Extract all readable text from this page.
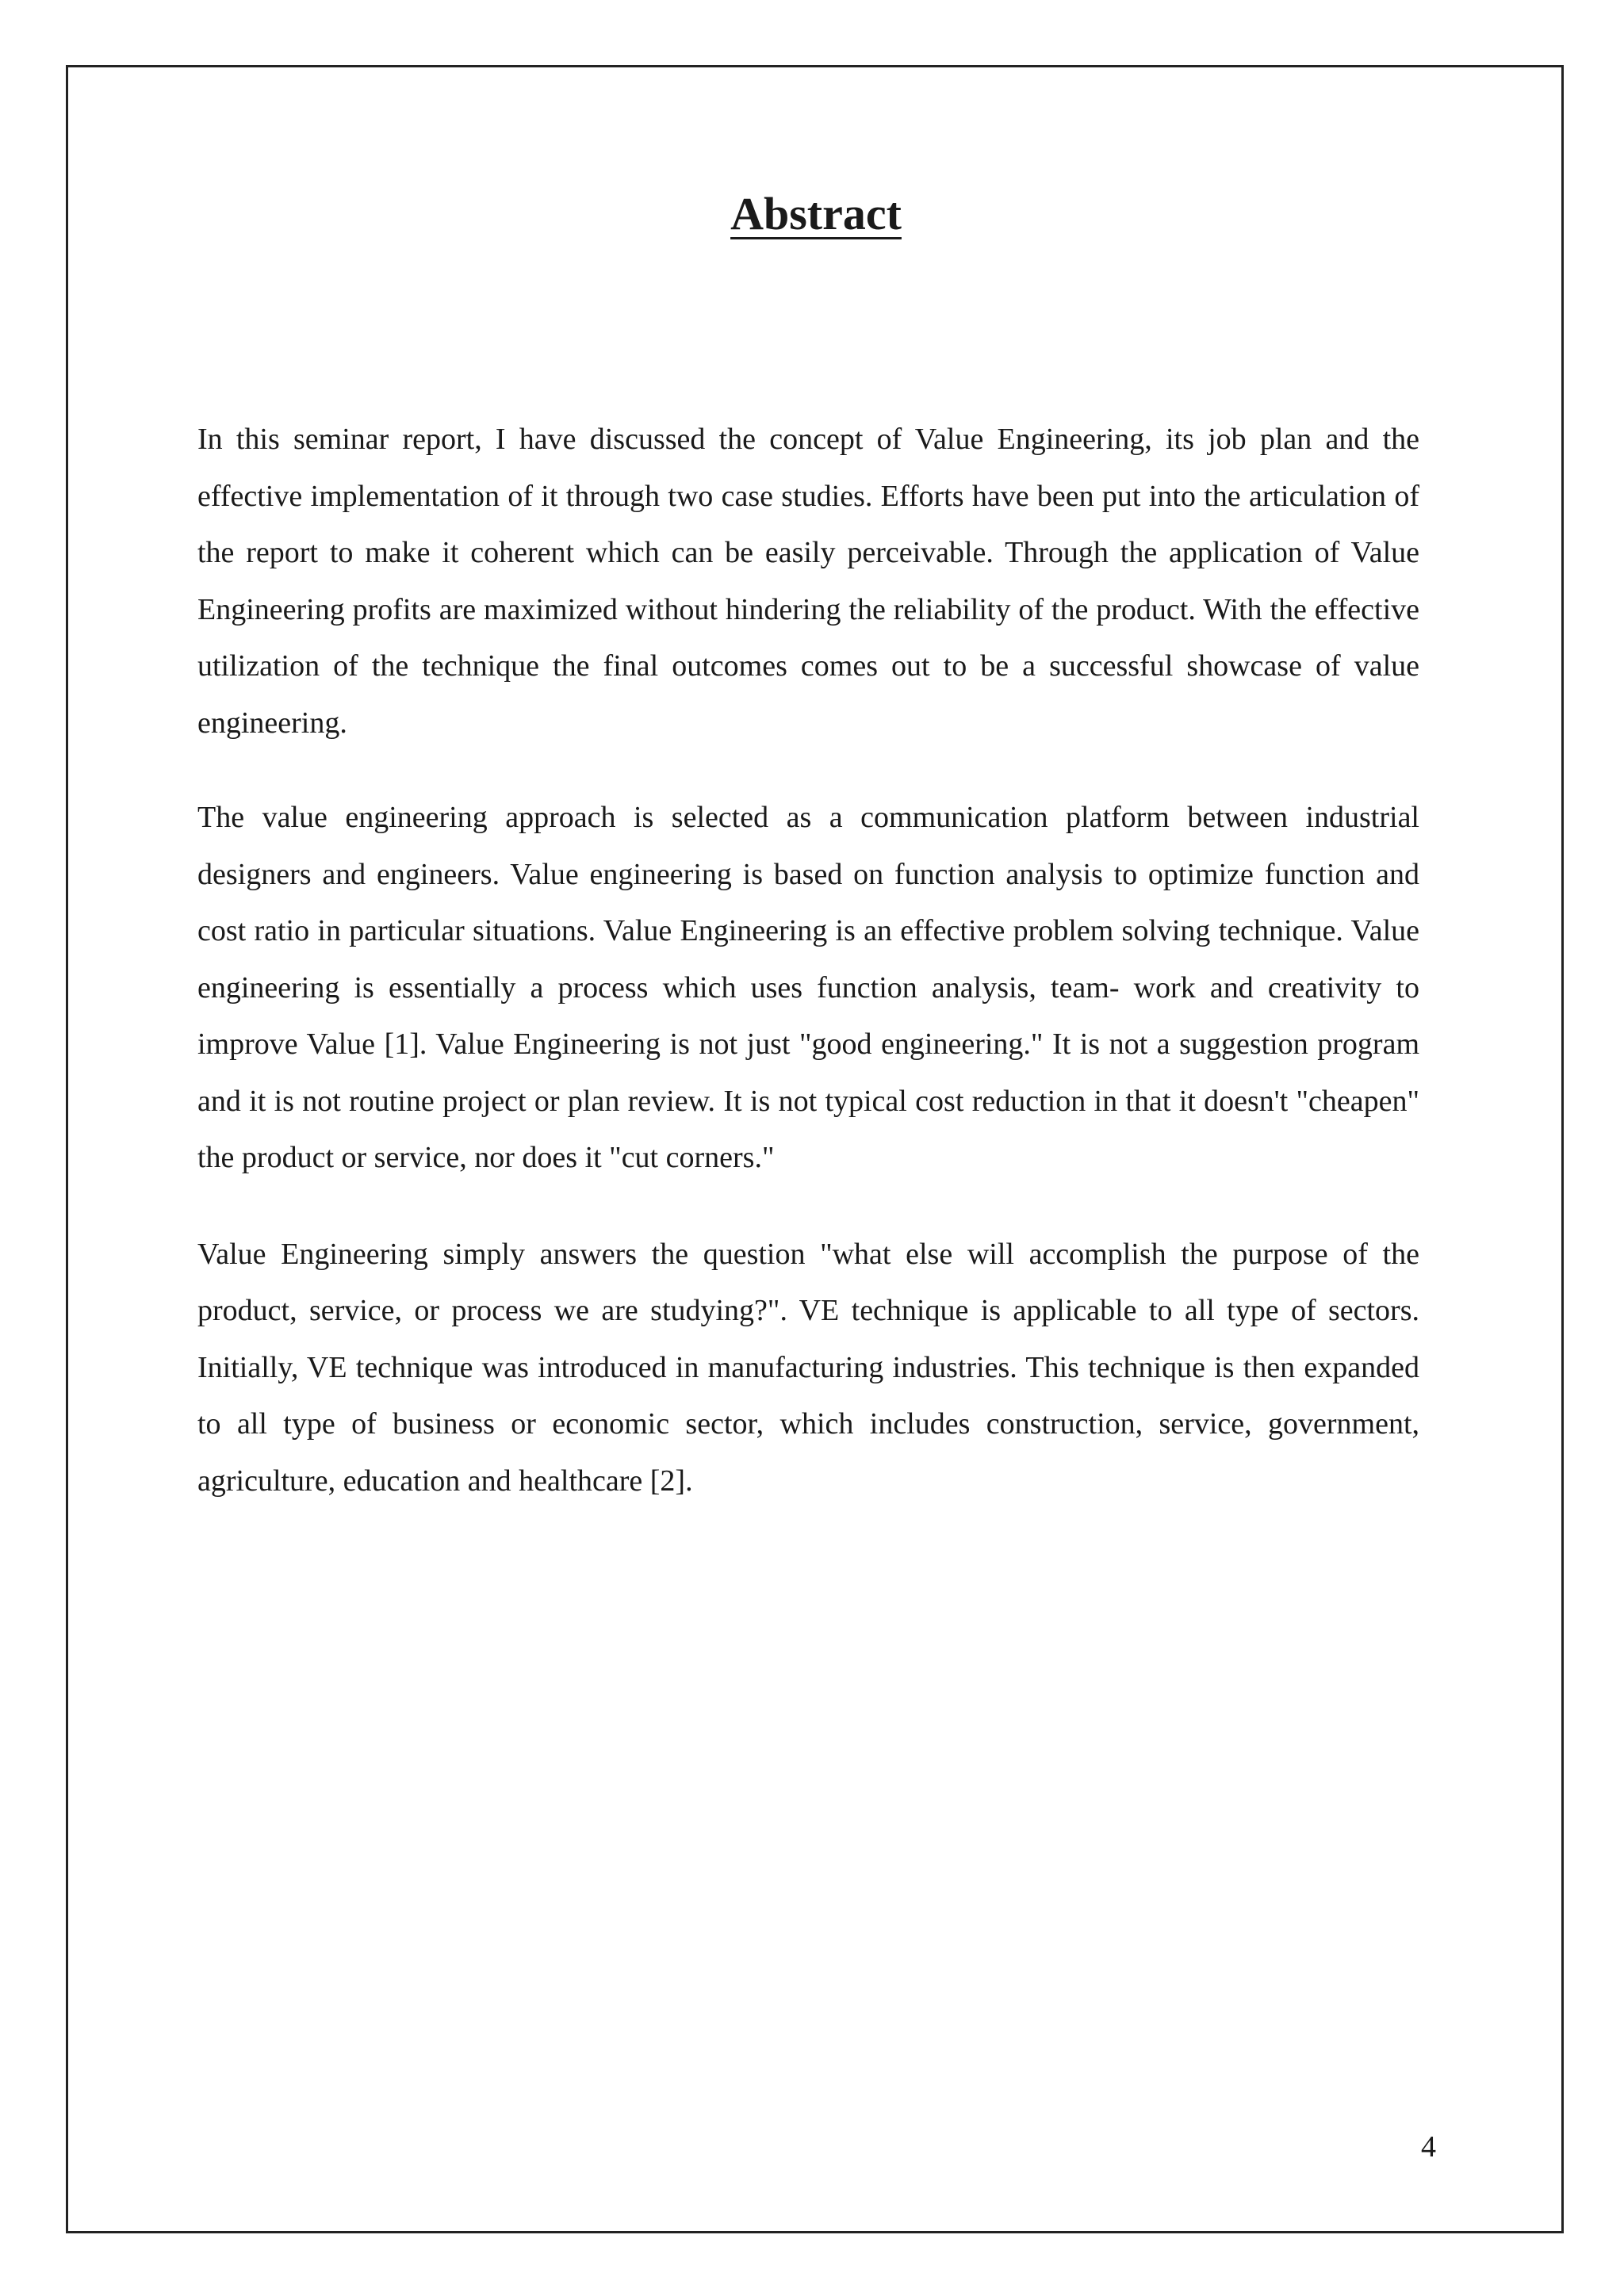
Abstract

In this seminar report, I have discussed the concept of Value Engineering, its job plan and the effective implementation of it through two case studies. Efforts have been put into the articulation of the report to make it coherent which can be easily perceivable. Through the application of Value Engineering profits are maximized without hindering the reliability of the product. With the effective utilization of the technique the final outcomes comes out to be a successful showcase of value engineering.

The value engineering approach is selected as a communication platform between industrial designers and engineers. Value engineering is based on function analysis to optimize function and cost ratio in particular situations. Value Engineering is an effective problem solving technique. Value engineering is essentially a process which uses function analysis, team- work and creativity to improve Value [1]. Value Engineering is not just "good engineering." It is not a suggestion program and it is not routine project or plan review. It is not typical cost reduction in that it doesn't "cheapen" the product or service, nor does it "cut corners."

Value Engineering simply answers the question "what else will accomplish the purpose of the product, service, or process we are studying?". VE technique is applicable to all type of sectors. Initially, VE technique was introduced in manufacturing industries. This technique is then expanded to all type of business or economic sector, which includes construction, service, government, agriculture, education and healthcare [2].

4
